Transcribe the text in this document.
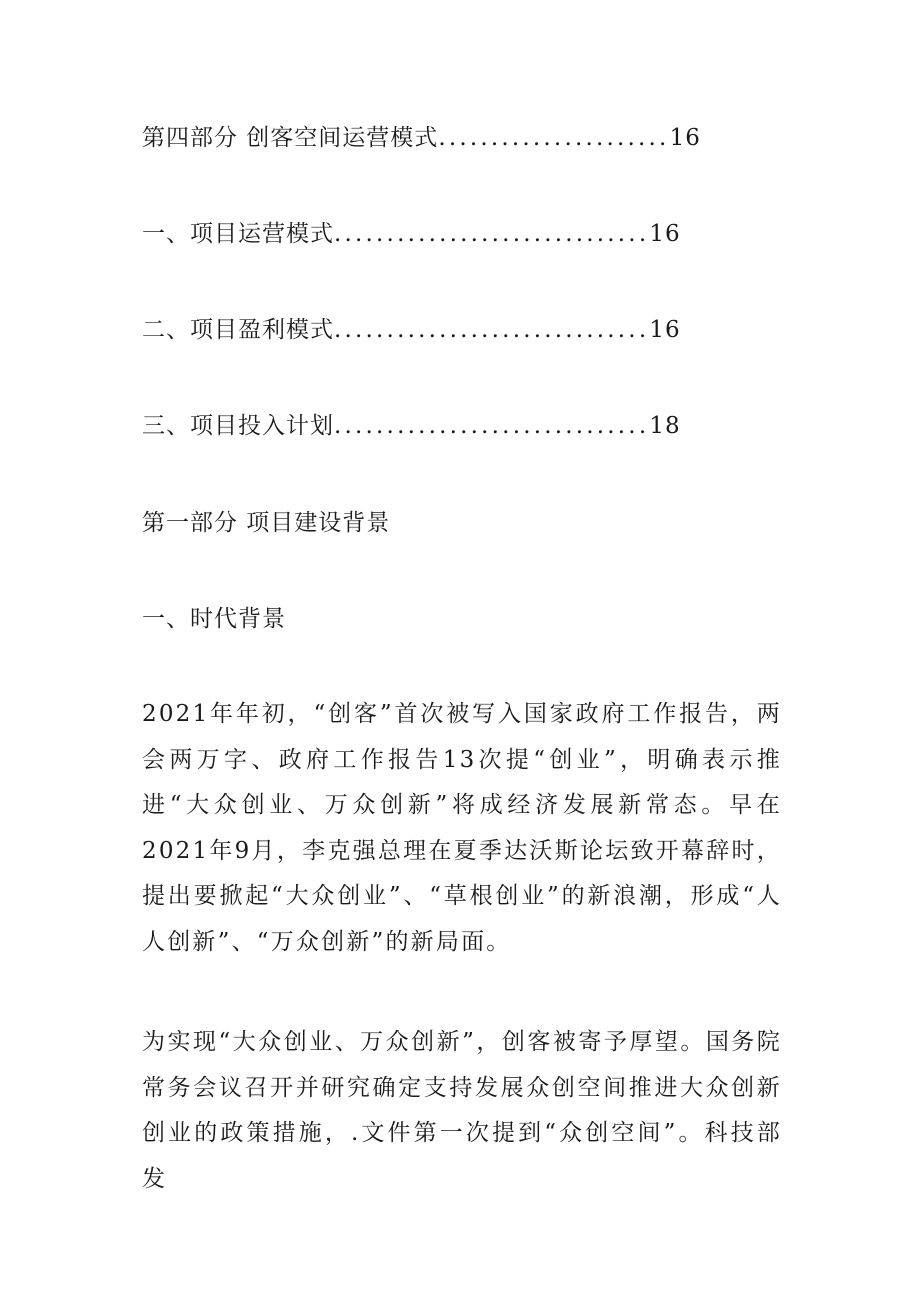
第四部分 创客空间运营模式......................16
一、项目运营模式..............................16
二、项目盈利模式..............................16
三、项目投入计划..............................18
第一部分 项目建设背景
一、时代背景

2021年年初，“创客”首次被写入国家政府工作报告，两会两万字、政府工作报告13次提“创业”，明确表示推进“大众创业、万众创新”将成经济发展新常态。早在2021年9月，李克强总理在夏季达沃斯论坛致开幕辞时，提出要掀起“大众创业”、“草根创业”的新浪潮，形成“人人创新”、“万众创新”的新局面。

为实现“大众创业、万众创新”，创客被寄予厚望。国务院常务会议召开并研究确定支持发展众创空间推进大众创新创业的政策措施，.文件第一次提到“众创空间”。科技部发
